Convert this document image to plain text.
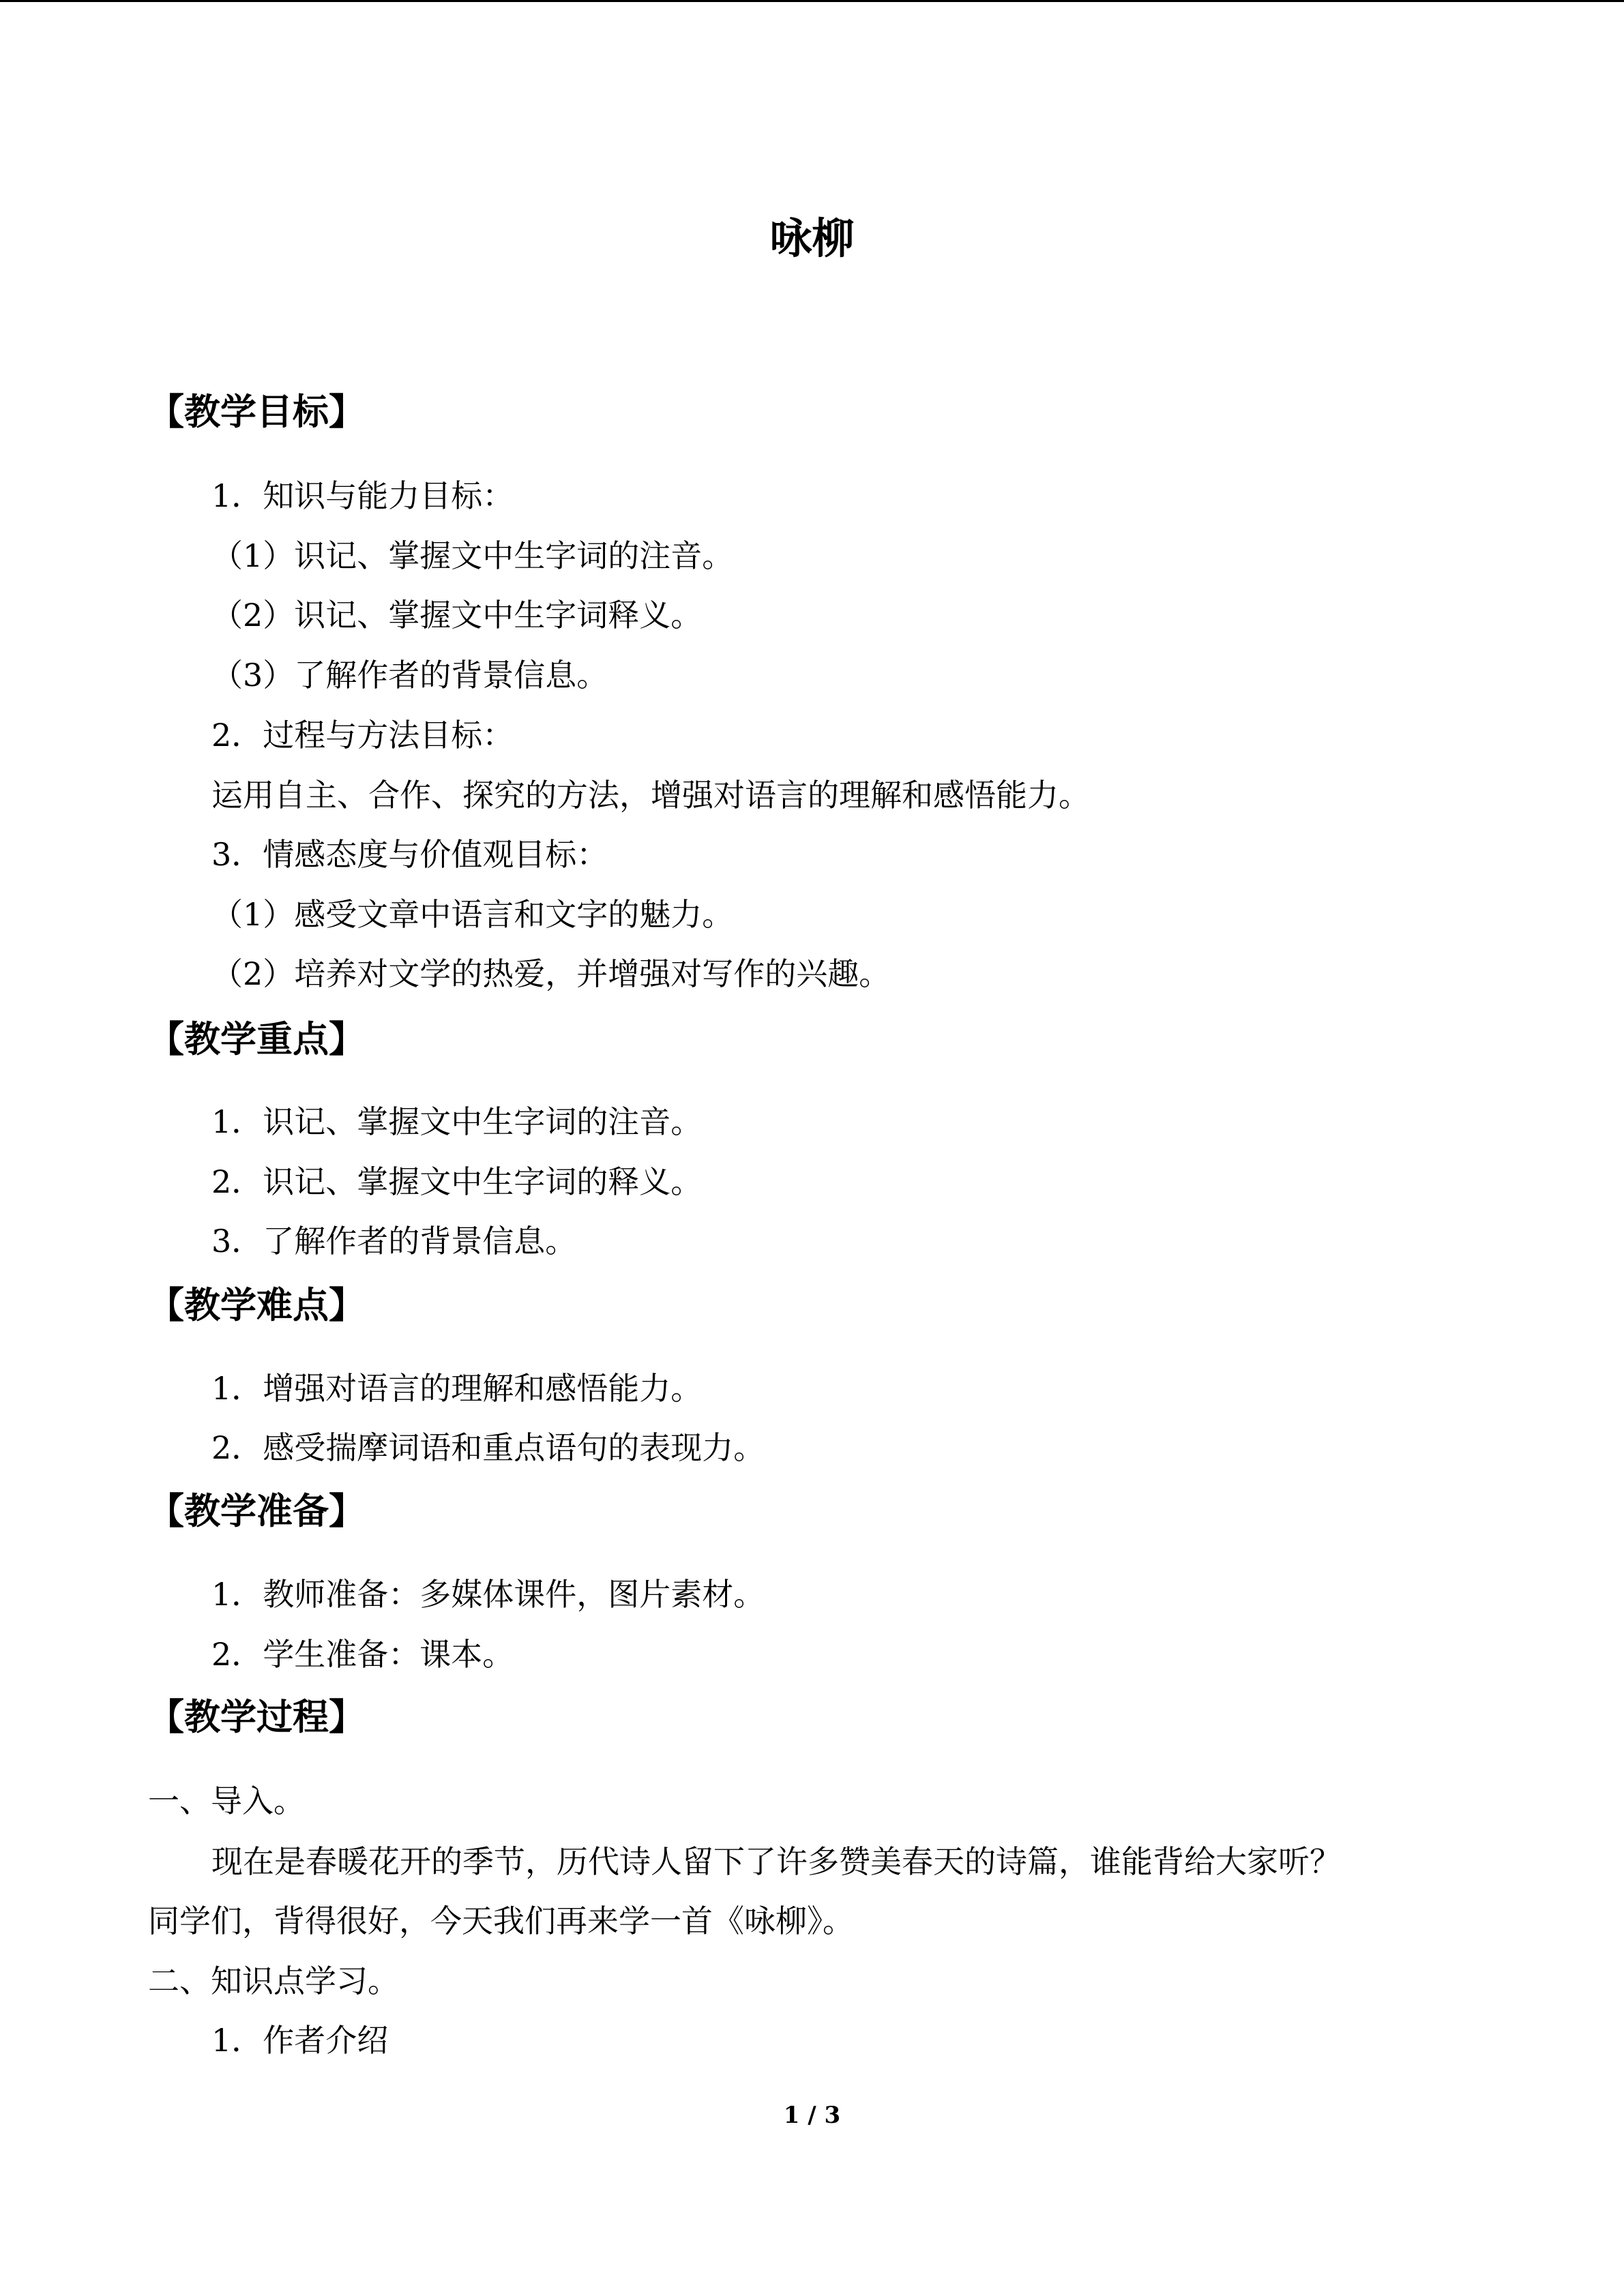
咏柳
【教学目标】
1．知识与能力目标：
（1）识记、掌握文中生字词的注音。
（2）识记、掌握文中生字词释义。
（3）了解作者的背景信息。
2．过程与方法目标：
运用自主、合作、探究的方法，增强对语言的理解和感悟能力。
3．情感态度与价值观目标：
（1）感受文章中语言和文字的魅力。
（2）培养对文学的热爱，并增强对写作的兴趣。
【教学重点】
1．识记、掌握文中生字词的注音。
2．识记、掌握文中生字词的释义。
3．了解作者的背景信息。
【教学难点】
1．增强对语言的理解和感悟能力。
2．感受揣摩词语和重点语句的表现力。
【教学准备】
1．教师准备：多媒体课件，图片素材。
2．学生准备：课本。
【教学过程】
一、导入。
现在是春暖花开的季节，历代诗人留下了许多赞美春天的诗篇，谁能背给大家听？
同学们，背得很好，今天我们再来学一首《咏柳》。
二、知识点学习。
1．作者介绍
1 / 3
